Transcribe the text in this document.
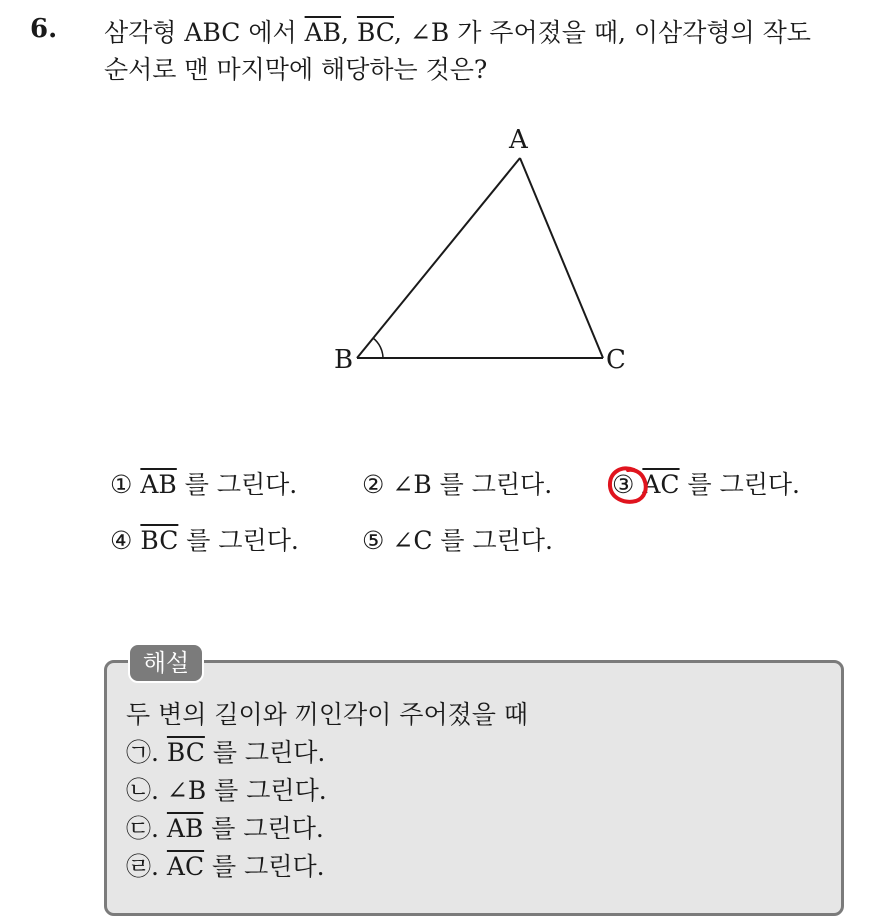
6. 삼각형 ABC 에서 $\overline{AB}$, $\overline{BC}$, ∠B 가 주어졌을 때, 이삼각형의 작도
순서로 맨 마지막에 해당하는 것은?
A
B	C
① $\overline{AB}$ 를 그린다.	② ∠B 를 그린다. ③ $\overline{AC}$ 를 그린다.
④ $\overline{BC}$ 를 그린다.	⑤ ∠C 를 그린다.
해설
두 변의 길이와 끼인각이 주어졌을 때
㉠. $\overline{BC}$ 를 그린다.
㉡. ∠B 를 그린다.
㉢. $\overline{AB}$ 를 그린다.
㉣. $\overline{AC}$ 를 그린다.
